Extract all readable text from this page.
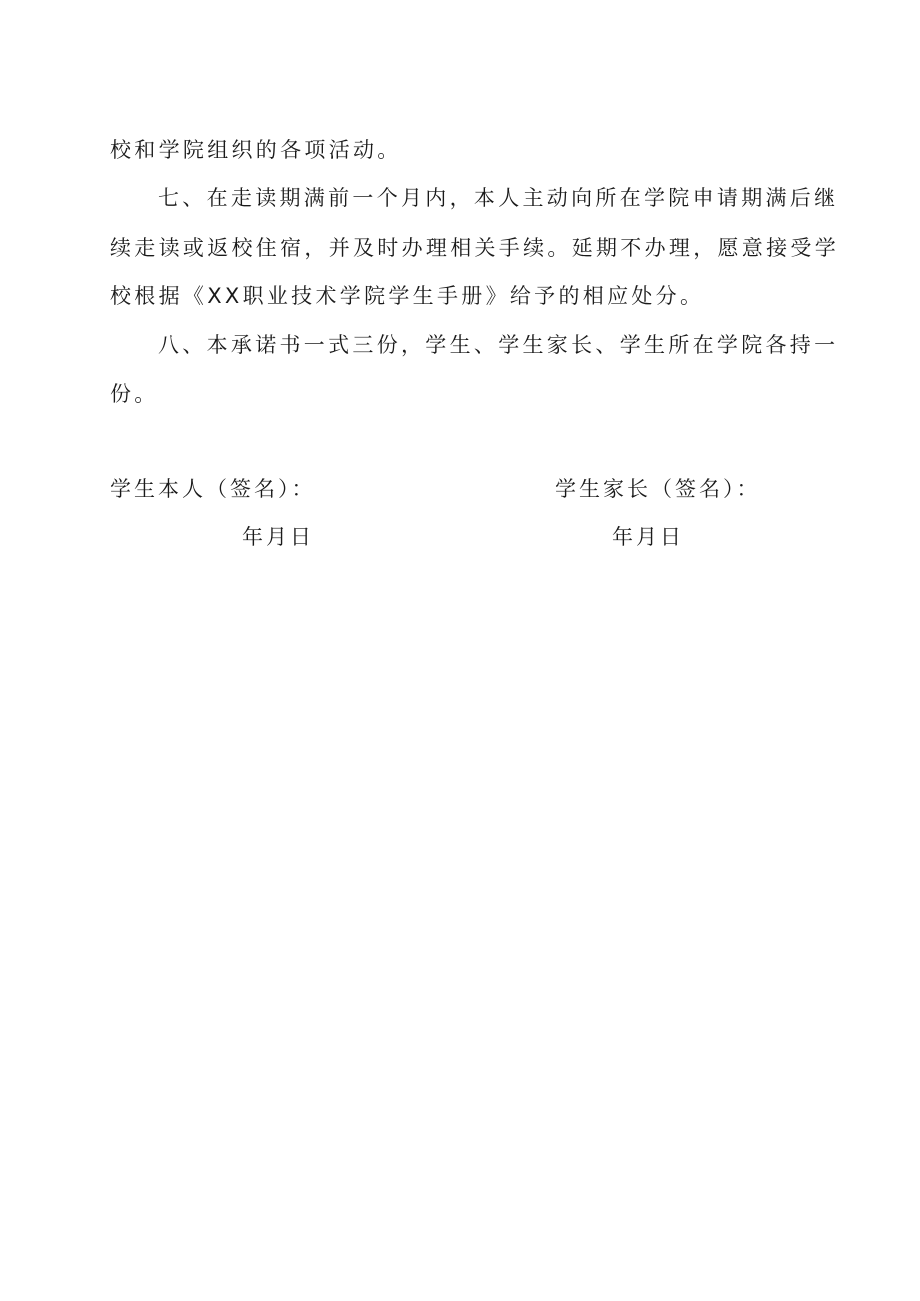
校和学院组织的各项活动。
七、在走读期满前一个月内，本人主动向所在学院申请期满后继
续走读或返校住宿，并及时办理相关手续。延期不办理，愿意接受学
校根据《XX职业技术学院学生手册》给予的相应处分。
八、本承诺书一式三份，学生、学生家长、学生所在学院各持一
份。
学生本人（签名）：	学生家长（签名）：
年月日	年月日
